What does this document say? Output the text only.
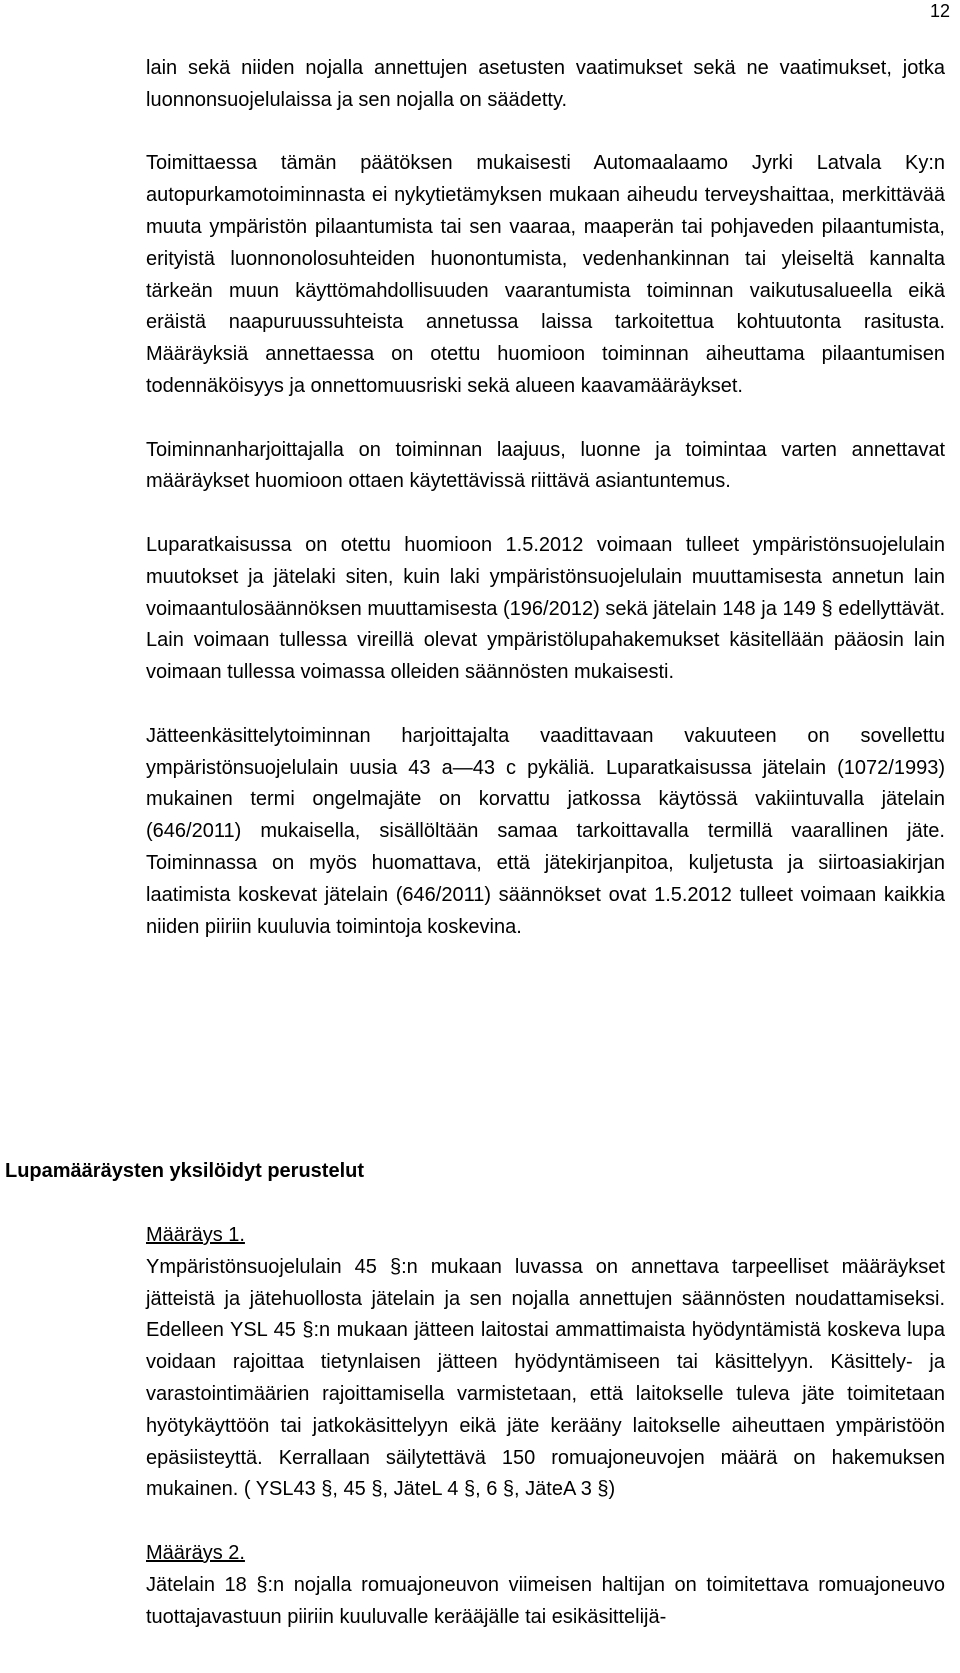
12

lain sekä niiden nojalla annettujen asetusten vaatimukset sekä ne vaatimukset, jotka luonnonsuojelulaissa ja sen nojalla on säädetty.

Toimittaessa tämän päätöksen mukaisesti Automaalaamo Jyrki Latvala Ky:n autopurkamotoiminnasta ei nykytietämyksen mukaan aiheudu terveyshaittaa, merkittävää muuta ympäristön pilaantumista tai sen vaaraa, maaperän tai pohjaveden pilaantumista, erityistä luonnonolosuhteiden huonontumista, vedenhankinnan tai yleiseltä kannalta tärkeän muun käyttömahdollisuuden vaarantumista toiminnan vaikutusalueella eikä eräistä naapuruussuhteista annetussa laissa tarkoitettua kohtuutonta rasitusta. Määräyksiä annettaessa on otettu huomioon toiminnan aiheuttama pilaantumisen todennäköisyys ja onnettomuusriski sekä alueen kaavamääräykset.

Toiminnanharjoittajalla on toiminnan laajuus, luonne ja toimintaa varten annettavat määräykset huomioon ottaen käytettävissä riittävä asiantuntemus.

Luparatkaisussa on otettu huomioon 1.5.2012 voimaan tulleet ympäristönsuojelulain muutokset ja jätelaki siten, kuin laki ympäristönsuojelulain muuttamisesta annetun lain voimaantulosäännöksen muuttamisesta (196/2012) sekä jätelain 148 ja 149 § edellyttävät. Lain voimaan tullessa vireillä olevat ympäristölupahakemukset käsitellään pääosin lain voimaan tullessa voimassa olleiden säännösten mukaisesti.

Jätteenkäsittelytoiminnan harjoittajalta vaadittavaan vakuuteen on sovellettu ympäristönsuojelulain uusia 43 a—43 c pykäliä. Luparatkaisussa jätelain (1072/1993) mukainen termi ongelmajäte on korvattu jatkossa käytössä vakiintuvalla jätelain (646/2011) mukaisella, sisällöltään samaa tarkoittavalla termillä vaarallinen jäte. Toiminnassa on myös huomattava, että jätekirjanpitoa, kuljetusta ja siirtoasiakirjan laatimista koskevat jätelain (646/2011) säännökset ovat 1.5.2012 tulleet voimaan kaikkia niiden piiriin kuuluvia toimintoja koskevina.

Lupamääräysten yksilöidyt perustelut

Määräys 1.
Ympäristönsuojelulain 45 §:n mukaan luvassa on annettava tarpeelliset määräykset jätteistä ja jätehuollosta jätelain ja sen nojalla annettujen säännösten noudattamiseksi. Edelleen YSL 45 §:n mukaan jätteen laitostai ammattimaista hyödyntämistä koskeva lupa voidaan rajoittaa tietynlaisen jätteen hyödyntämiseen tai käsittelyyn. Käsittely- ja varastointimäärien rajoittamisella varmistetaan, että laitokselle tuleva jäte toimitetaan hyötykäyttöön tai jatkokäsittelyyn eikä jäte kerääny laitokselle aiheuttaen ympäristöön epäsiisteyttä. Kerrallaan säilytettävä 150 romuajoneuvojen määrä on hakemuksen mukainen. ( YSL43 §, 45 §, JäteL 4 §, 6 §, JäteA 3 §)

Määräys 2.
Jätelain 18 §:n nojalla romuajoneuvon viimeisen haltijan on toimitettava romuajoneuvo tuottajavastuun piiriin kuuluvalle kerääjälle tai esikäsittelijä-
